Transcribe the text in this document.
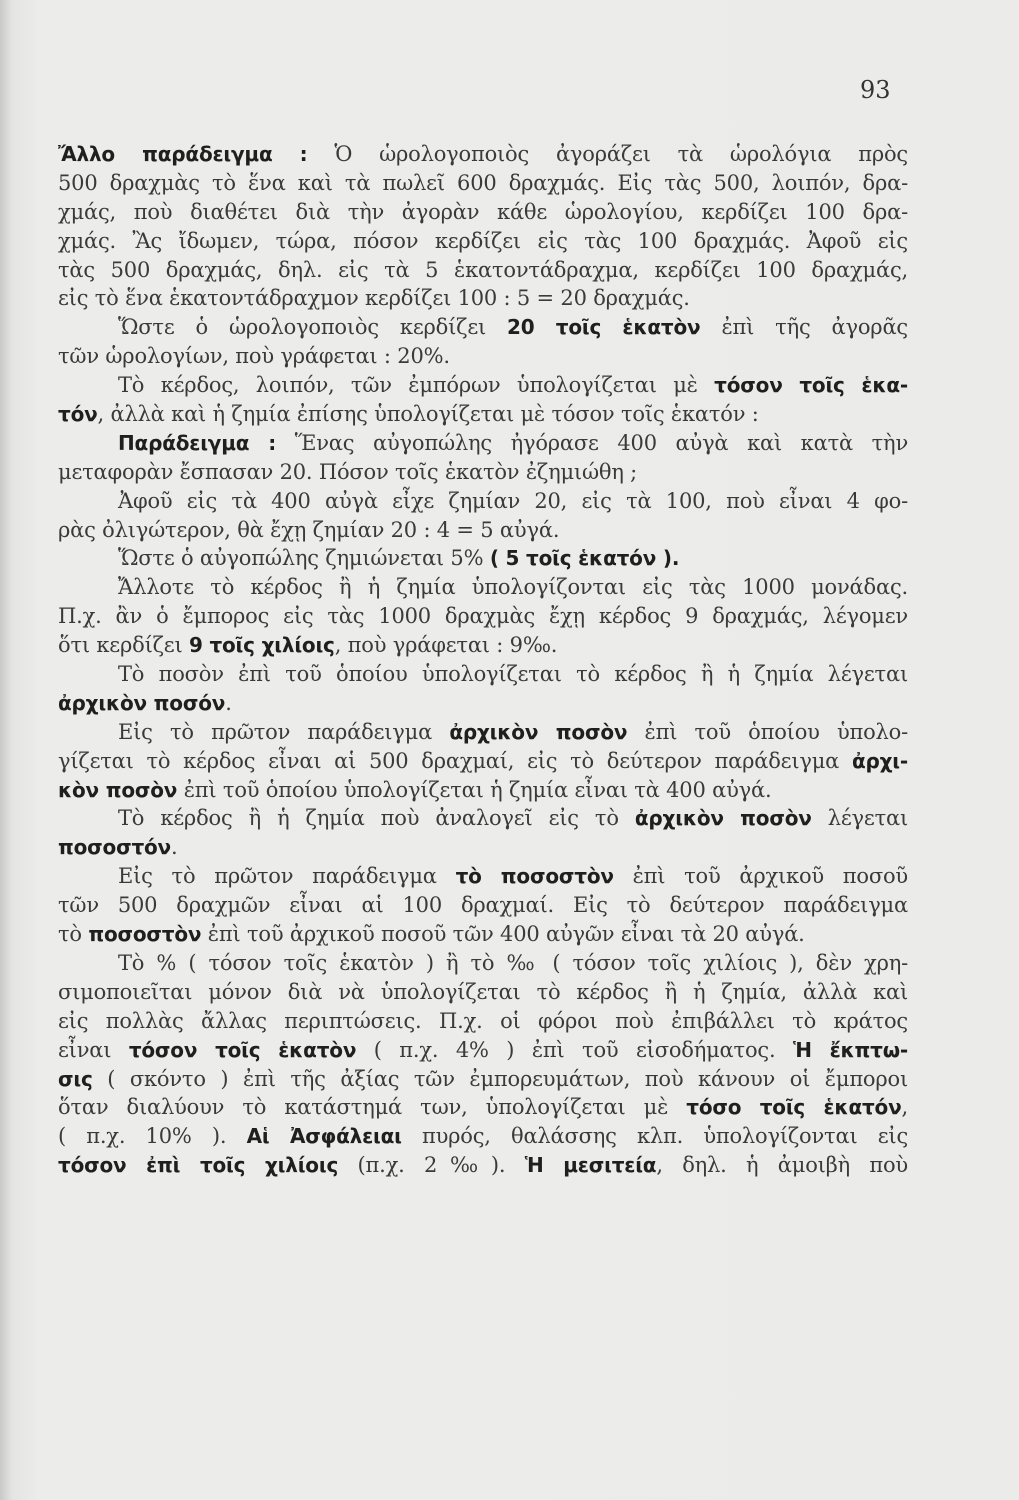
93
Ἄλλο παράδειγμα : Ὁ ὡρολογοποιὸς ἀγοράζει τὰ ὡρολόγια πρὸς
500 δραχμὰς τὸ ἕνα καὶ τὰ πωλεῖ 600 δραχμάς. Εἰς τὰς 500, λοιπόν, δρα-
χμάς, ποὺ διαθέτει διὰ τὴν ἀγορὰν κάθε ὡρολογίου, κερδίζει 100 δρα-
χμάς. Ἂς ἴδωμεν, τώρα, πόσον κερδίζει εἰς τὰς 100 δραχμάς. Ἀφοῦ εἰς
τὰς 500 δραχμάς, δηλ. εἰς τὰ 5 ἑκατοντάδραχμα, κερδίζει 100 δραχμάς,
εἰς τὸ ἕνα ἑκατοντάδραχμον κερδίζει 100 : 5 = 20 δραχμάς.
Ὥστε ὁ ὡρολογοποιὸς κερδίζει 20 τοῖς ἑκατὸν ἐπὶ τῆς ἀγορᾶς
τῶν ὡρολογίων, ποὺ γράφεται : 20%.
Τὸ κέρδος, λοιπόν, τῶν ἐμπόρων ὑπολογίζεται μὲ τόσον τοῖς ἑκα-
τόν, ἀλλὰ καὶ ἡ ζημία ἐπίσης ὑπολογίζεται μὲ τόσον τοῖς ἑκατόν :
Παράδειγμα : Ἕνας αὐγοπώλης ἠγόρασε 400 αὐγὰ καὶ κατὰ τὴν
μεταφορὰν ἔσπασαν 20. Πόσον τοῖς ἑκατὸν ἐζημιώθη ;
Ἀφοῦ εἰς τὰ 400 αὐγὰ εἶχε ζημίαν 20, εἰς τὰ 100, ποὺ εἶναι 4 φο-
ρὰς ὀλιγώτερον, θὰ ἔχῃ ζημίαν 20 : 4 = 5 αὐγά.
Ὥστε ὁ αὐγοπώλης ζημιώνεται 5% ( 5 τοῖς ἑκατόν ).
Ἄλλοτε τὸ κέρδος ἢ ἡ ζημία ὑπολογίζονται εἰς τὰς 1000 μονάδας.
Π.χ. ἂν ὁ ἔμπορος εἰς τὰς 1000 δραχμὰς ἔχῃ κέρδος 9 δραχμάς, λέγομεν
ὅτι κερδίζει 9 τοῖς χιλίοις, ποὺ γράφεται : 9‰.
Τὸ ποσὸν ἐπὶ τοῦ ὁποίου ὑπολογίζεται τὸ κέρδος ἢ ἡ ζημία λέγεται
ἀρχικὸν ποσόν.
Εἰς τὸ πρῶτον παράδειγμα ἀρχικὸν ποσὸν ἐπὶ τοῦ ὁποίου ὑπολο-
γίζεται τὸ κέρδος εἶναι αἱ 500 δραχμαί, εἰς τὸ δεύτερον παράδειγμα ἀρχι-
κὸν ποσὸν ἐπὶ τοῦ ὁποίου ὑπολογίζεται ἡ ζημία εἶναι τὰ 400 αὐγά.
Τὸ κέρδος ἢ ἡ ζημία ποὺ ἀναλογεῖ εἰς τὸ ἀρχικὸν ποσὸν λέγεται
ποσοστόν.
Εἰς τὸ πρῶτον παράδειγμα τὸ ποσοστὸν ἐπὶ τοῦ ἀρχικοῦ ποσοῦ
τῶν 500 δραχμῶν εἶναι αἱ 100 δραχμαί. Εἰς τὸ δεύτερον παράδειγμα
τὸ ποσοστὸν ἐπὶ τοῦ ἀρχικοῦ ποσοῦ τῶν 400 αὐγῶν εἶναι τὰ 20 αὐγά.
Τὸ % ( τόσον τοῖς ἑκατὸν ) ἢ τὸ ‰ ( τόσον τοῖς χιλίοις ), δὲν χρη-
σιμοποιεῖται μόνον διὰ νὰ ὑπολογίζεται τὸ κέρδος ἢ ἡ ζημία, ἀλλὰ καὶ
εἰς πολλὰς ἄλλας περιπτώσεις. Π.χ. οἱ φόροι ποὺ ἐπιβάλλει τὸ κράτος
εἶναι τόσον τοῖς ἑκατὸν ( π.χ. 4% ) ἐπὶ τοῦ εἰσοδήματος. Ἡ ἔκπτω-
σις ( σκόντο ) ἐπὶ τῆς ἀξίας τῶν ἐμπορευμάτων, ποὺ κάνουν οἱ ἔμποροι
ὅταν διαλύουν τὸ κατάστημά των, ὑπολογίζεται μὲ τόσο τοῖς ἑκατόν,
( π.χ. 10% ). Αἱ Ἀσφάλειαι πυρός, θαλάσσης κλπ. ὑπολογίζονται εἰς
τόσον ἐπὶ τοῖς χιλίοις (π.χ. 2‰). Ἡ μεσιτεία, δηλ. ἡ ἀμοιβὴ ποὺ
